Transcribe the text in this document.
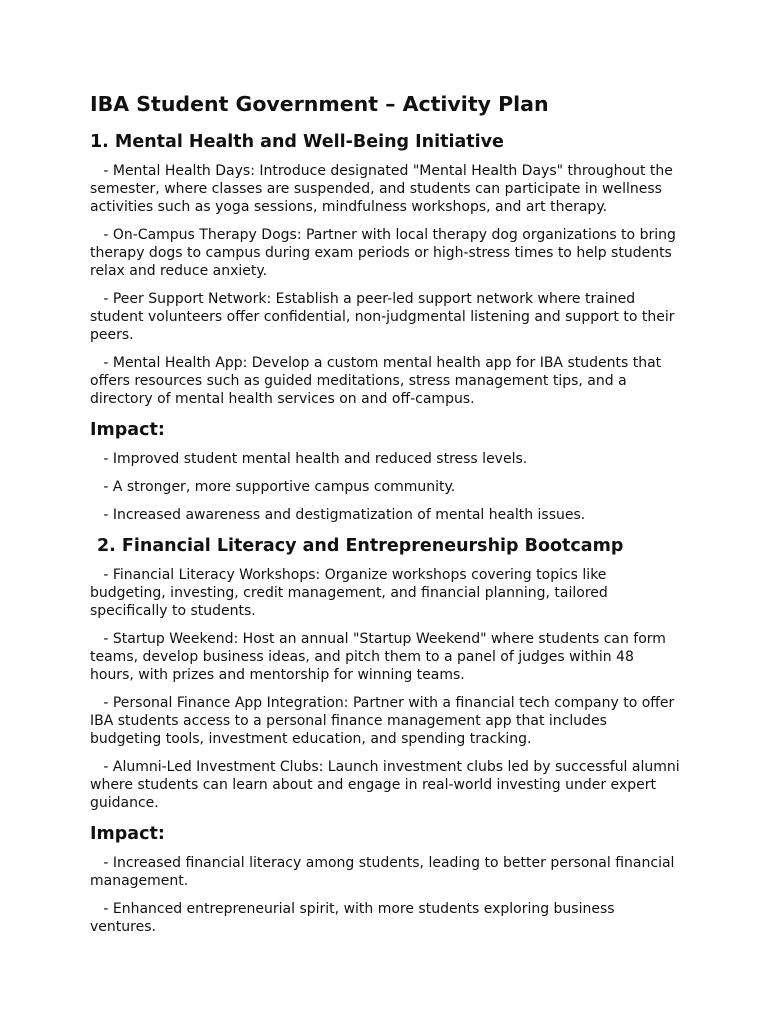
IBA Student Government – Activity Plan
1. Mental Health and Well-Being Initiative

- Mental Health Days: Introduce designated "Mental Health Days" throughout the semester, where classes are suspended, and students can participate in wellness activities such as yoga sessions, mindfulness workshops, and art therapy.

- On-Campus Therapy Dogs: Partner with local therapy dog organizations to bring therapy dogs to campus during exam periods or high-stress times to help students relax and reduce anxiety.

- Peer Support Network: Establish a peer-led support network where trained student volunteers offer confidential, non-judgmental listening and support to their peers.

- Mental Health App: Develop a custom mental health app for IBA students that offers resources such as guided meditations, stress management tips, and a directory of mental health services on and off-campus.

Impact:

- Improved student mental health and reduced stress levels.

- A stronger, more supportive campus community.

- Increased awareness and destigmatization of mental health issues.

2. Financial Literacy and Entrepreneurship Bootcamp

- Financial Literacy Workshops: Organize workshops covering topics like budgeting, investing, credit management, and financial planning, tailored specifically to students.

- Startup Weekend: Host an annual "Startup Weekend" where students can form teams, develop business ideas, and pitch them to a panel of judges within 48 hours, with prizes and mentorship for winning teams.

- Personal Finance App Integration: Partner with a financial tech company to offer IBA students access to a personal finance management app that includes budgeting tools, investment education, and spending tracking.

- Alumni-Led Investment Clubs: Launch investment clubs led by successful alumni where students can learn about and engage in real-world investing under expert guidance.

Impact:

- Increased financial literacy among students, leading to better personal financial management.

- Enhanced entrepreneurial spirit, with more students exploring business ventures.
